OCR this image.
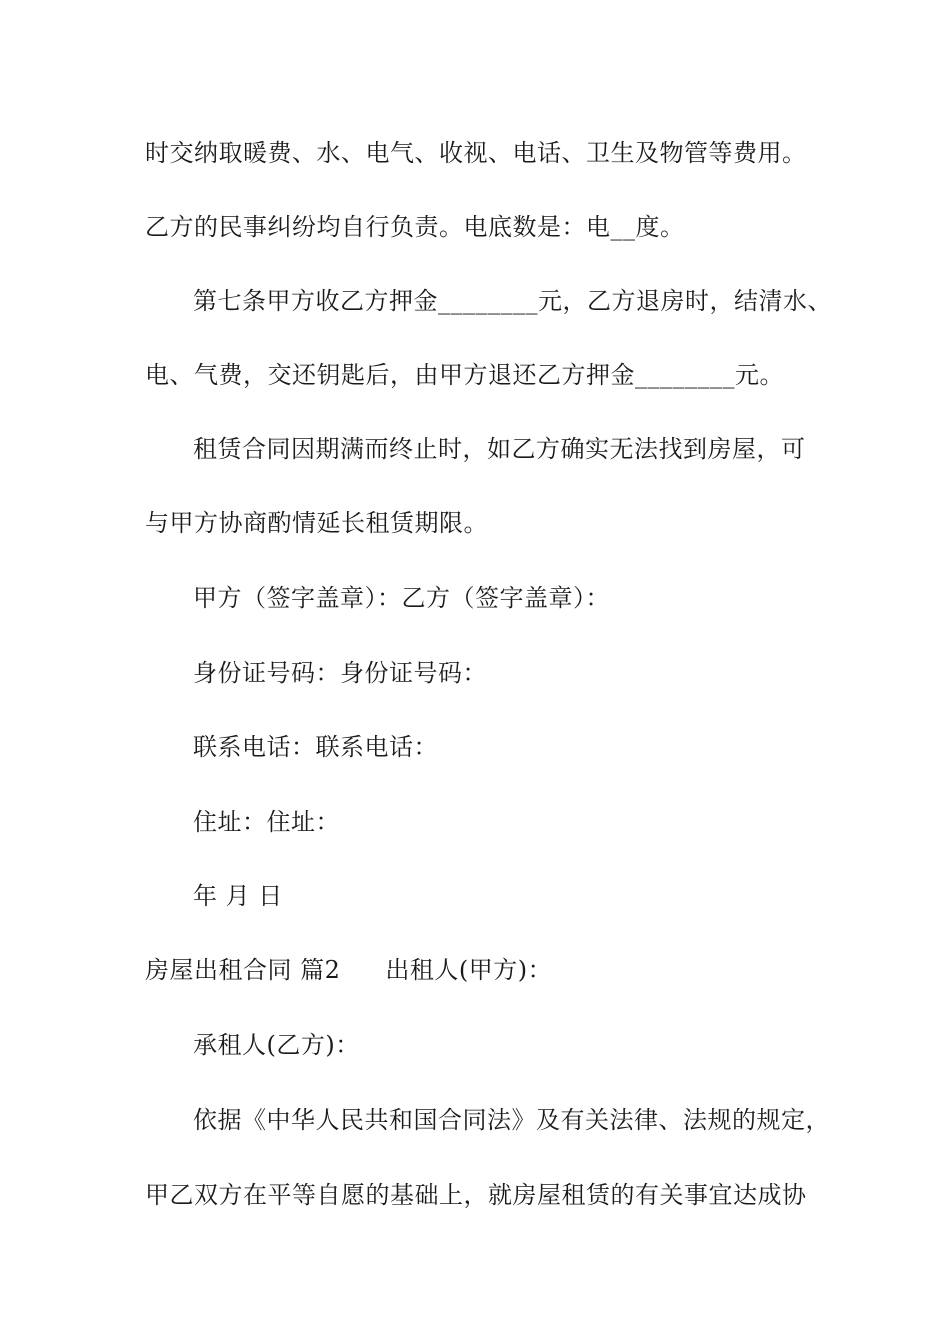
时交纳取暖费、水、电气、收视、电话、卫生及物管等费用。
乙方的民事纠纷均自行负责。电底数是：电__度。
第七条甲方收乙方押金________元，乙方退房时，结清水、
电、气费，交还钥匙后，由甲方退还乙方押金________元。
租赁合同因期满而终止时，如乙方确实无法找到房屋，可
与甲方协商酌情延长租赁期限。
甲方（签字盖章）：乙方（签字盖章）：
身份证号码：身份证号码：
联系电话：联系电话：
住址：住址：
年 月 日
房屋出租合同 篇2 出租人(甲方)：
承租人(乙方)：
依据《中华人民共和国合同法》及有关法律、法规的规定，
甲乙双方在平等自愿的基础上，就房屋租赁的有关事宜达成协
